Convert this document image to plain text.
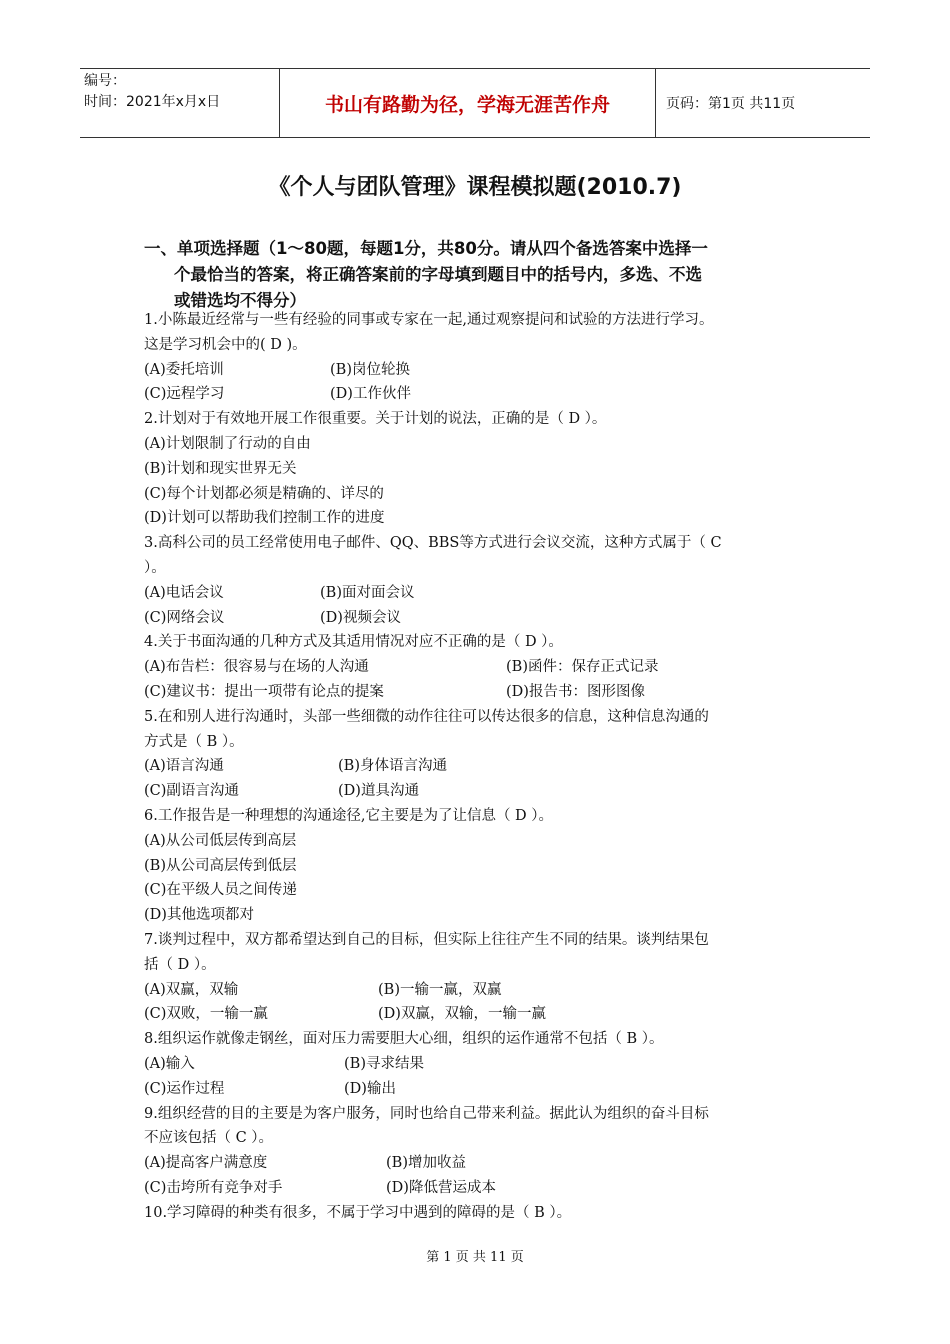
编号：
时间：2021年x月x日	书山有路勤为径，学海无涯苦作舟	页码：第1页 共11页
《个人与团队管理》课程模拟题(2010.7)
一、单项选择题（1～80题，每题1分，共80分。请从四个备选答案中选择一
个最恰当的答案，将正确答案前的字母填到题目中的括号内，多选、不选
或错选均不得分）
1.小陈最近经常与一些有经验的同事或专家在一起,通过观察提问和试验的方法进行学习。
这是学习机会中的( D )。
(A)委托培训	(B)岗位轮换
(C)远程学习	(D)工作伙伴
2.计划对于有效地开展工作很重要。关于计划的说法，正确的是（ D ）。
(A)计划限制了行动的自由
(B)计划和现实世界无关
(C)每个计划都必须是精确的、详尽的
(D)计划可以帮助我们控制工作的进度
3.高科公司的员工经常使用电子邮件、QQ、BBS等方式进行会议交流，这种方式属于（ C
）。
(A)电话会议	(B)面对面会议
(C)网络会议	(D)视频会议
4.关于书面沟通的几种方式及其适用情况对应不正确的是（ D ）。
(A)布告栏：很容易与在场的人沟通	(B)函件：保存正式记录
(C)建议书：提出一项带有论点的提案	(D)报告书：图形图像
5.在和别人进行沟通时，头部一些细微的动作往往可以传达很多的信息，这种信息沟通的
方式是（ B ）。
(A)语言沟通	(B)身体语言沟通
(C)副语言沟通	(D)道具沟通
6.工作报告是一种理想的沟通途径,它主要是为了让信息（ D ）。
(A)从公司低层传到高层
(B)从公司高层传到低层
(C)在平级人员之间传递
(D)其他选项都对
7.谈判过程中，双方都希望达到自己的目标，但实际上往往产生不同的结果。谈判结果包
括（ D ）。
(A)双赢，双输	(B)一输一赢，双赢
(C)双败，一输一赢	(D)双赢，双输，一输一赢
8.组织运作就像走钢丝，面对压力需要胆大心细，组织的运作通常不包括（ B ）。
(A)输入	(B)寻求结果
(C)运作过程	(D)输出
9.组织经营的目的主要是为客户服务，同时也给自己带来利益。据此认为组织的奋斗目标
不应该包括（ C ）。
(A)提高客户满意度	(B)增加收益
(C)击垮所有竞争对手	(D)降低营运成本
10.学习障碍的种类有很多，不属于学习中遇到的障碍的是（ B ）。
第 1 页 共 11 页
